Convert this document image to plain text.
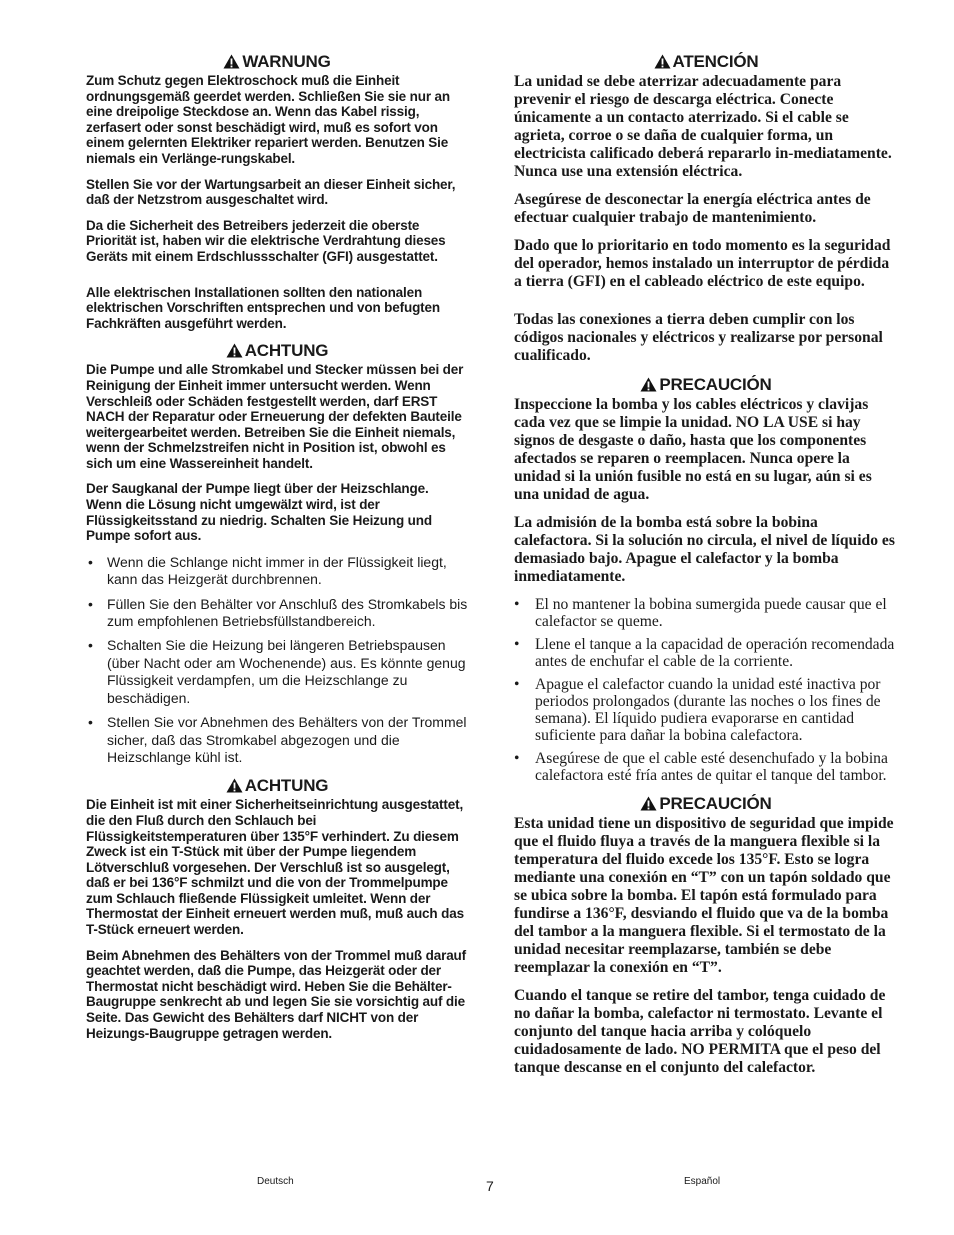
WARNUNG

Zum Schutz gegen Elektroschock muß die Einheit ordnungsgemäß geerdet werden. Schließen Sie sie nur an eine dreipolige Steckdose an. Wenn das Kabel rissig, zerfasert oder sonst beschädigt wird, muß es sofort von einem gelernten Elektriker repariert werden. Benutzen Sie niemals ein Verlänge-rungskabel.

Stellen Sie vor der Wartungsarbeit an dieser Einheit sicher, daß der Netzstrom ausgeschaltet wird.

Da die Sicherheit des Betreibers jederzeit die oberste Priorität ist, haben wir die elektrische Verdrahtung dieses Geräts mit einem Erdschlussschalter (GFI) ausgestattet.

Alle elektrischen Installationen sollten den nationalen elektrischen Vorschriften entsprechen und von befugten Fachkräften ausgeführt werden.

ACHTUNG

Die Pumpe und alle Stromkabel und Stecker müssen bei der Reinigung der Einheit immer untersucht werden. Wenn Verschleiß oder Schäden festgestellt werden, darf ERST NACH der Reparatur oder Erneuerung der defekten Bauteile weitergearbeitet werden. Betreiben Sie die Einheit niemals, wenn der Schmelzstreifen nicht in Position ist, obwohl es sich um eine Wassereinheit handelt.

Der Saugkanal der Pumpe liegt über der Heizschlange. Wenn die Lösung nicht umgewälzt wird, ist der Flüssigkeitsstand zu niedrig. Schalten Sie Heizung und Pumpe sofort aus.

• Wenn die Schlange nicht immer in der Flüssigkeit liegt, kann das Heizgerät durchbrennen.
• Füllen Sie den Behälter vor Anschluß des Stromkabels bis zum empfohlenen Betriebsfüllstandbereich.
• Schalten Sie die Heizung bei längeren Betriebspausen (über Nacht oder am Wochenende) aus. Es könnte genug Flüssigkeit verdampfen, um die Heizschlange zu beschädigen.
• Stellen Sie vor Abnehmen des Behälters von der Trommel sicher, daß das Stromkabel abgezogen und die Heizschlange kühl ist.
ACHTUNG

Die Einheit ist mit einer Sicherheitseinrichtung ausgestattet, die den Fluß durch den Schlauch bei Flüssigkeitstemperaturen über 135°F verhindert. Zu diesem Zweck ist ein T-Stück mit über der Pumpe liegendem Lötverschluß vorgesehen. Der Verschluß ist so ausgelegt, daß er bei 136°F schmilzt und die von der Trommelpumpe zum Schlauch fließende Flüssigkeit umleitet. Wenn der Thermostat der Einheit erneuert werden muß, muß auch das T-Stück erneuert werden.

Beim Abnehmen des Behälters von der Trommel muß darauf geachtet werden, daß die Pumpe, das Heizgerät oder der Thermostat nicht beschädigt wird. Heben Sie die Behälter-Baugruppe senkrecht ab und legen Sie sie vorsichtig auf die Seite. Das Gewicht des Behälters darf NICHT von der Heizungs-Baugruppe getragen werden.

ATENCIÓN

La unidad se debe aterrizar adecuadamente para prevenir el riesgo de descarga eléctrica. Conecte únicamente a un contacto aterrizado. Si el cable se agrieta, corroe o se daña de cualquier forma, un electricista calificado deberá repararlo in-mediatamente. Nunca use una extensión eléctrica.

Asegúrese de desconectar la energía eléctrica antes de efectuar cualquier trabajo de mantenimiento.

Dado que lo prioritario en todo momento es la seguridad del operador, hemos instalado un interruptor de pérdida a tierra (GFI) en el cableado eléctrico de este equipo.

Todas las conexiones a tierra deben cumplir con los códigos nacionales y eléctricos y realizarse por personal cualificado.

PRECAUCIÓN

Inspeccione la bomba y los cables eléctricos y clavijas cada vez que se limpie la unidad. NO LA USE si hay signos de desgaste o daño, hasta que los componentes afectados se reparen o reemplacen. Nunca opere la unidad si la unión fusible no está en su lugar, aún si es una unidad de agua.

La admisión de la bomba está sobre la bobina calefactora. Si la solución no circula, el nivel de líquido es demasiado bajo. Apague el calefactor y la bomba inmediatamente.

• El no mantener la bobina sumergida puede causar que el calefactor se queme.
• Llene el tanque a la capacidad de operación recomendada antes de enchufar el cable de la corriente.
• Apague el calefactor cuando la unidad esté inactiva por periodos prolongados (durante las noches o los fines de semana). El líquido pudiera evaporarse en cantidad suficiente para dañar la bobina calefactora.
• Asegúrese de que el cable esté desenchufado y la bobina calefactora esté fría antes de quitar el tanque del tambor.
PRECAUCIÓN

Esta unidad tiene un dispositivo de seguridad que impide que el fluido fluya a través de la manguera flexible si la temperatura del fluido excede los 135°F. Esto se logra mediante una conexión en “T” con un tapón soldado que se ubica sobre la bomba. El tapón está formulado para fundirse a 136°F, desviando el fluido que va de la bomba del tambor a la manguera flexible. Si el termostato de la unidad necesitar reemplazarse, también se debe reemplazar la conexión en “T”.

Cuando el tanque se retire del tambor, tenga cuidado de no dañar la bomba, calefactor ni termostato. Levante el conjunto del tanque hacia arriba y colóquelo cuidadosamente de lado. NO PERMITA que el peso del tanque descanse en el conjunto del calefactor.

Deutsch	7	Español
